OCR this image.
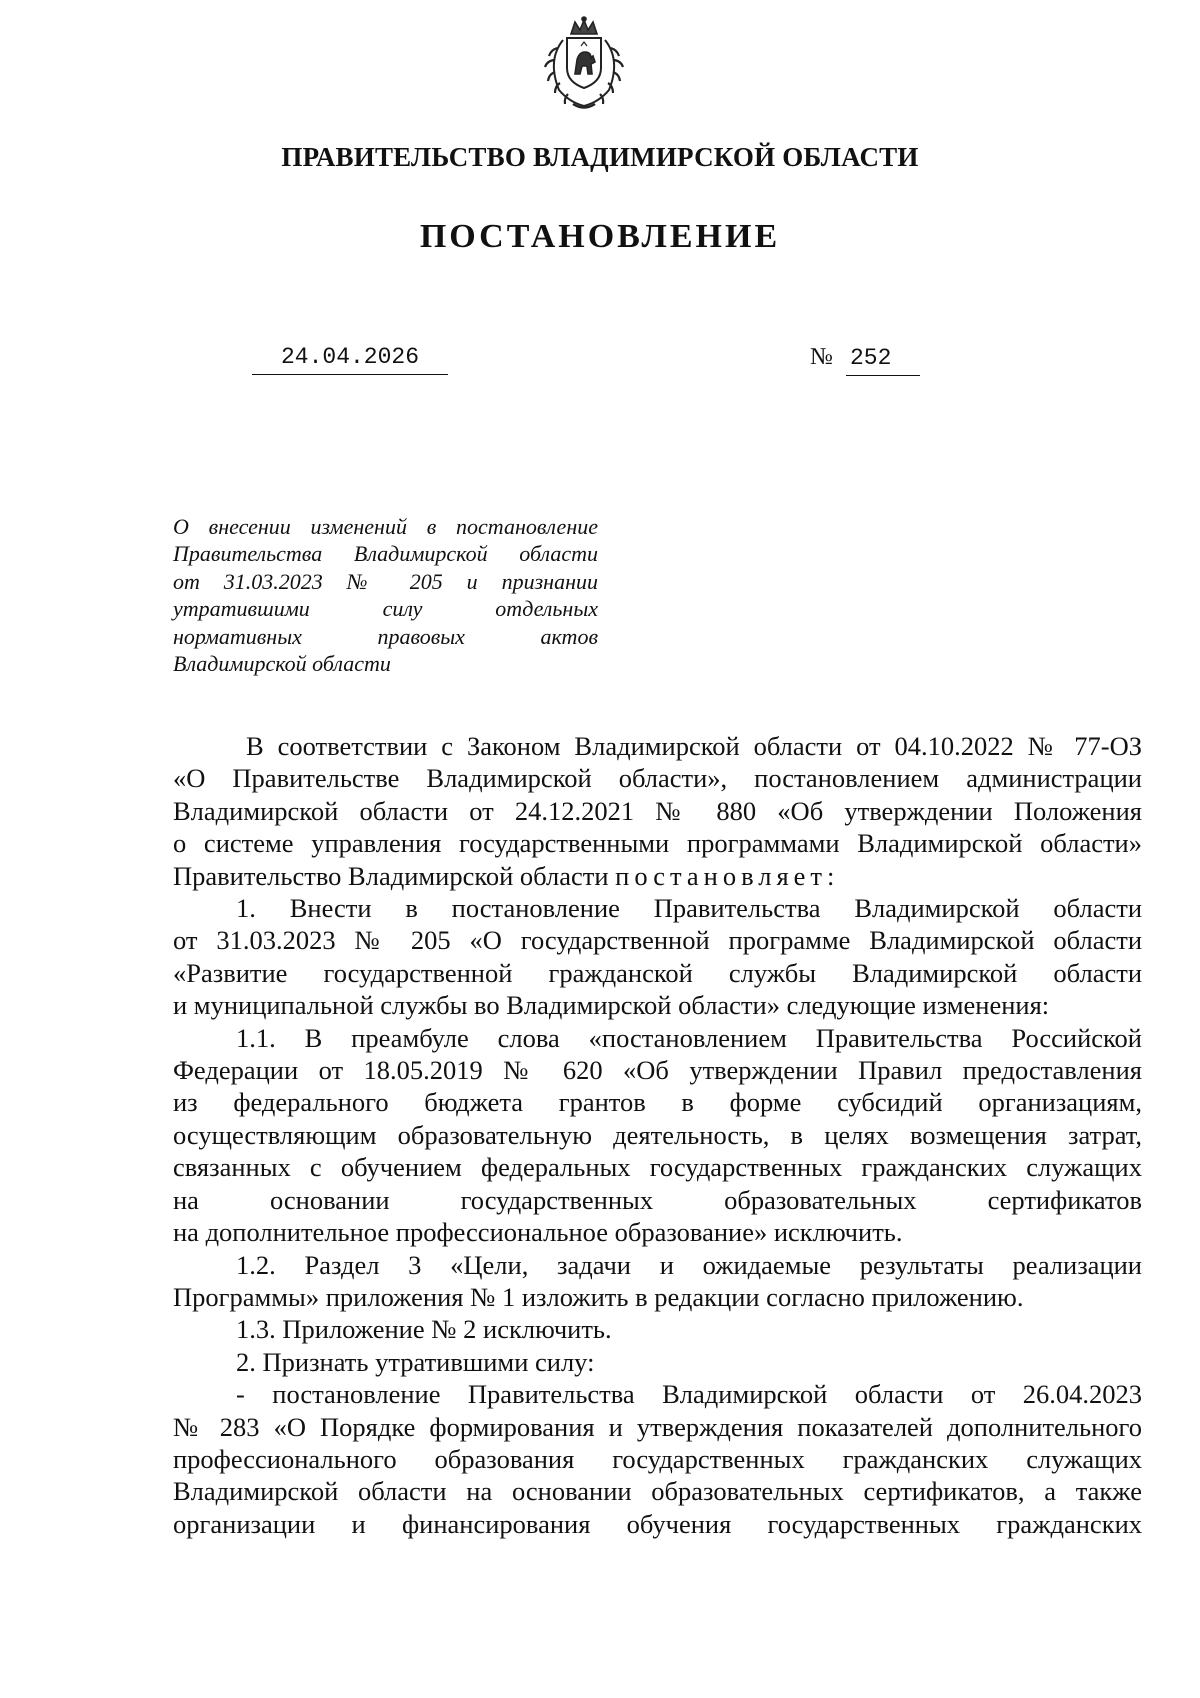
ПРАВИТЕЛЬСТВО ВЛАДИМИРСКОЙ ОБЛАСТИ
ПОСТАНОВЛЕНИЕ
24.04.2026	№ 252
О внесении изменений в постановление
Правительства Владимирской области
от 31.03.2023 № 205 и признании
утратившими силу отдельных
нормативных правовых актов
Владимирской области
В соответствии с Законом Владимирской области от 04.10.2022 № 77-ОЗ
«О Правительстве Владимирской области», постановлением администрации
Владимирской области от 24.12.2021 № 880 «Об утверждении Положения
о системе управления государственными программами Владимирской области»
Правительство Владимирской области постановляет:
1. Внести в постановление Правительства Владимирской области
от 31.03.2023 № 205 «О государственной программе Владимирской области
«Развитие государственной гражданской службы Владимирской области
и муниципальной службы во Владимирской области» следующие изменения:
1.1. В преамбуле слова «постановлением Правительства Российской
Федерации от 18.05.2019 № 620 «Об утверждении Правил предоставления
из федерального бюджета грантов в форме субсидий организациям,
осуществляющим образовательную деятельность, в целях возмещения затрат,
связанных с обучением федеральных государственных гражданских служащих
на основании государственных образовательных сертификатов
на дополнительное профессиональное образование» исключить.
1.2. Раздел 3 «Цели, задачи и ожидаемые результаты реализации
Программы» приложения № 1 изложить в редакции согласно приложению.
1.3. Приложение № 2 исключить.
2. Признать утратившими силу:
- постановление Правительства Владимирской области от 26.04.2023
№ 283 «О Порядке формирования и утверждения показателей дополнительного
профессионального образования государственных гражданских служащих
Владимирской области на основании образовательных сертификатов, а также
организации и финансирования обучения государственных гражданских
